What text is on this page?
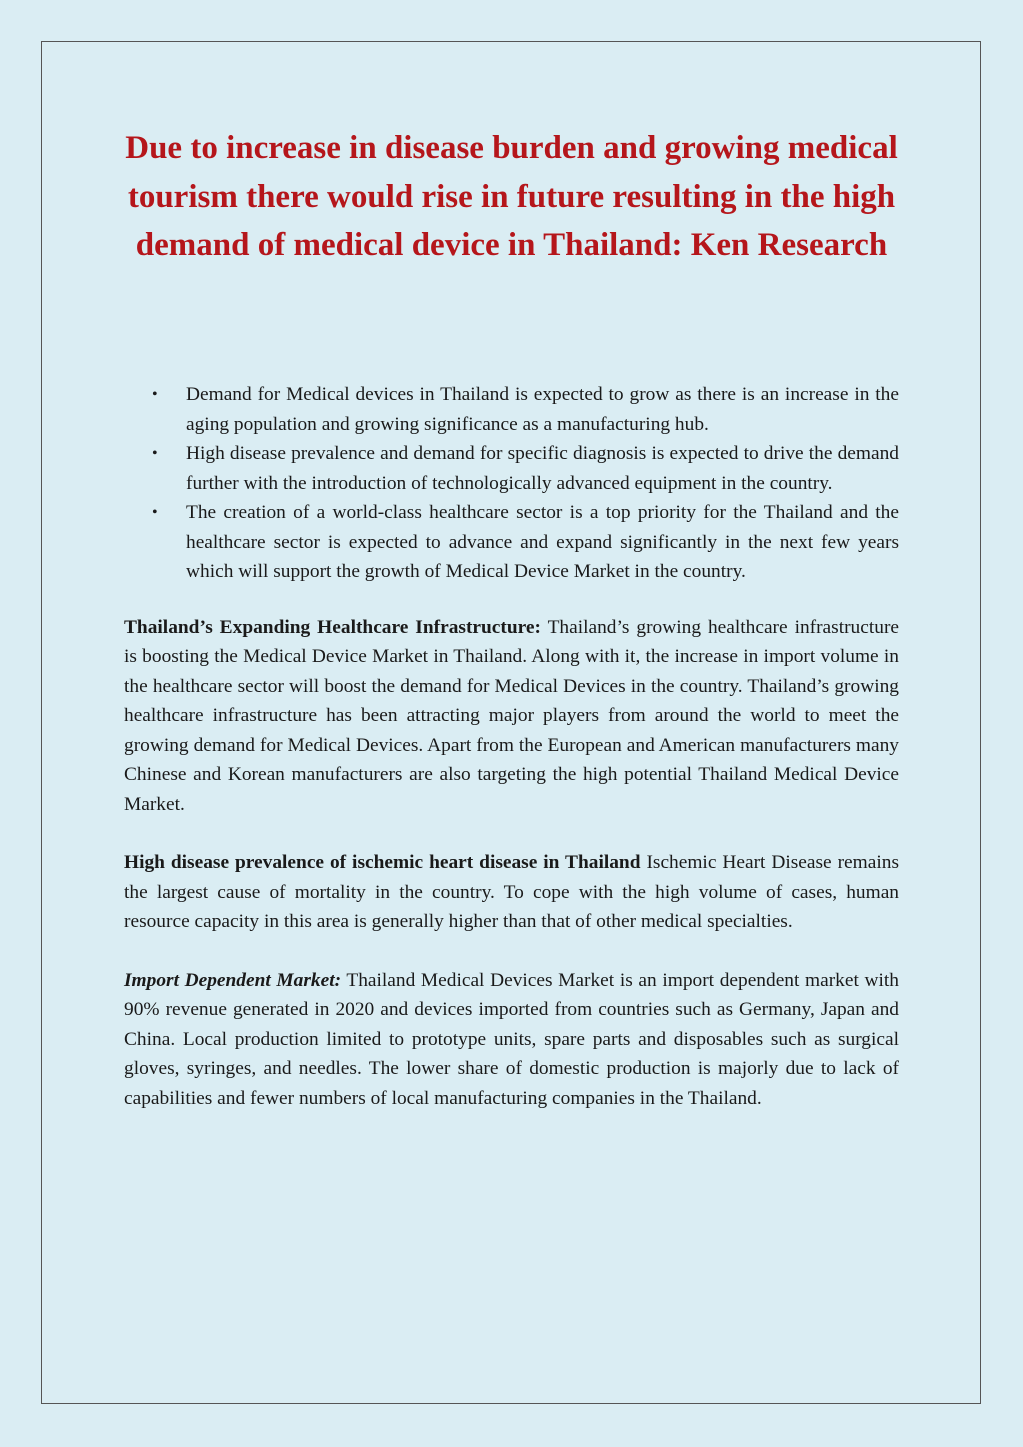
Due to increase in disease burden and growing medical tourism there would rise in future resulting in the high demand of medical device in Thailand: Ken Research
• Demand for Medical devices in Thailand is expected to grow as there is an increase in the aging population and growing significance as a manufacturing hub.
• High disease prevalence and demand for specific diagnosis is expected to drive the demand further with the introduction of technologically advanced equipment in the country.
• The creation of a world-class healthcare sector is a top priority for the Thailand and the healthcare sector is expected to advance and expand significantly in the next few years which will support the growth of Medical Device Market in the country.

Thailand’s Expanding Healthcare Infrastructure: Thailand’s growing healthcare infrastructure is boosting the Medical Device Market in Thailand. Along with it, the increase in import volume in the healthcare sector will boost the demand for Medical Devices in the country. Thailand’s growing healthcare infrastructure has been attracting major players from around the world to meet the growing demand for Medical Devices. Apart from the European and American manufacturers many Chinese and Korean manufacturers are also targeting the high potential Thailand Medical Device Market.

High disease prevalence of ischemic heart disease in Thailand Ischemic Heart Disease remains the largest cause of mortality in the country. To cope with the high volume of cases, human resource capacity in this area is generally higher than that of other medical specialties.

Import Dependent Market: Thailand Medical Devices Market is an import dependent market with 90% revenue generated in 2020 and devices imported from countries such as Germany, Japan and China. Local production limited to prototype units, spare parts and disposables such as surgical gloves, syringes, and needles. The lower share of domestic production is majorly due to lack of capabilities and fewer numbers of local manufacturing companies in the Thailand.
